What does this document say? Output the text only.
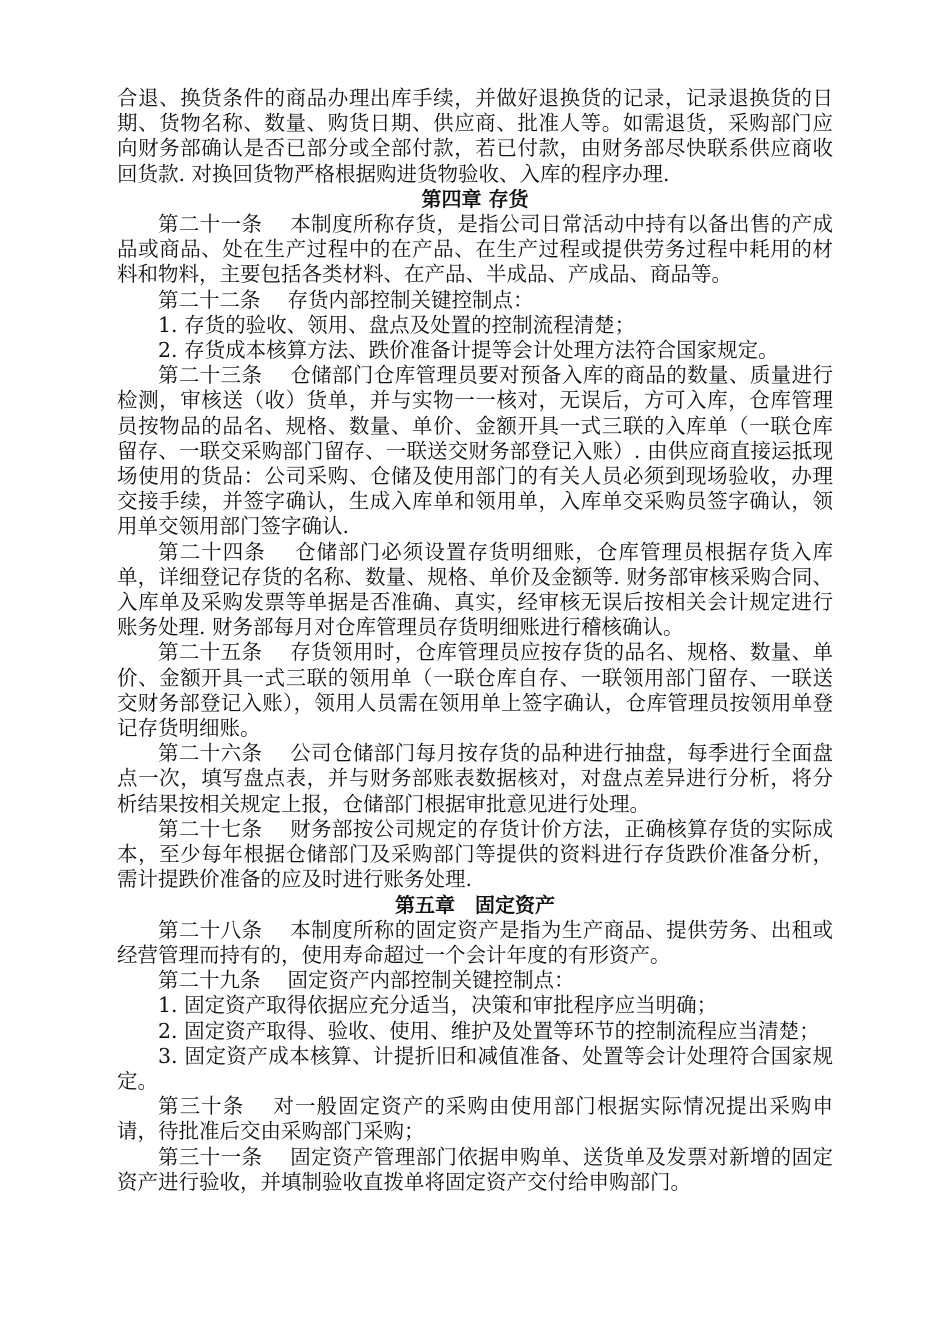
合退、换货条件的商品办理出库手续，并做好退换货的记录，记录退换货的日期、货物名称、数量、购货日期、供应商、批准人等。如需退货，采购部门应向财务部确认是否已部分或全部付款，若已付款，由财务部尽快联系供应商收回货款. 对换回货物严格根据购进货物验收、入库的程序办理.

第四章 存货

第二十一条　 本制度所称存货，是指公司日常活动中持有以备出售的产成品或商品、处在生产过程中的在产品、在生产过程或提供劳务过程中耗用的材料和物料，主要包括各类材料、在产品、半成品、产成品、商品等。

第二十二条　 存货内部控制关键控制点：

1. 存货的验收、领用、盘点及处置的控制流程清楚；

2. 存货成本核算方法、跌价准备计提等会计处理方法符合国家规定。

第二十三条　 仓储部门仓库管理员要对预备入库的商品的数量、质量进行检测，审核送（收）货单，并与实物一一核对，无误后，方可入库，仓库管理员按物品的品名、规格、数量、单价、金额开具一式三联的入库单（一联仓库留存、一联交采购部门留存、一联送交财务部登记入账）. 由供应商直接运抵现场使用的货品：公司采购、仓储及使用部门的有关人员必须到现场验收，办理交接手续，并签字确认，生成入库单和领用单，入库单交采购员签字确认，领用单交领用部门签字确认.

第二十四条　 仓储部门必须设置存货明细账，仓库管理员根据存货入库单，详细登记存货的名称、数量、规格、单价及金额等. 财务部审核采购合同、入库单及采购发票等单据是否准确、真实，经审核无误后按相关会计规定进行账务处理. 财务部每月对仓库管理员存货明细账进行稽核确认。

第二十五条　 存货领用时，仓库管理员应按存货的品名、规格、数量、单价、金额开具一式三联的领用单（一联仓库自存、一联领用部门留存、一联送交财务部登记入账），领用人员需在领用单上签字确认，仓库管理员按领用单登记存货明细账。

第二十六条　 公司仓储部门每月按存货的品种进行抽盘，每季进行全面盘点一次，填写盘点表，并与财务部账表数据核对，对盘点差异进行分析，将分析结果按相关规定上报，仓储部门根据审批意见进行处理。

第二十七条　 财务部按公司规定的存货计价方法，正确核算存货的实际成本，至少每年根据仓储部门及采购部门等提供的资料进行存货跌价准备分析，需计提跌价准备的应及时进行账务处理.

第五章　固定资产

第二十八条　 本制度所称的固定资产是指为生产商品、提供劳务、出租或经营管理而持有的，使用寿命超过一个会计年度的有形资产。

第二十九条　 固定资产内部控制关键控制点：

1. 固定资产取得依据应充分适当，决策和审批程序应当明确；

2. 固定资产取得、验收、使用、维护及处置等环节的控制流程应当清楚；

3. 固定资产成本核算、计提折旧和减值准备、处置等会计处理符合国家规定。

第三十条　 对一般固定资产的采购由使用部门根据实际情况提出采购申请，待批准后交由采购部门采购；

第三十一条　 固定资产管理部门依据申购单、送货单及发票对新增的固定资产进行验收，并填制验收直拨单将固定资产交付给申购部门。
